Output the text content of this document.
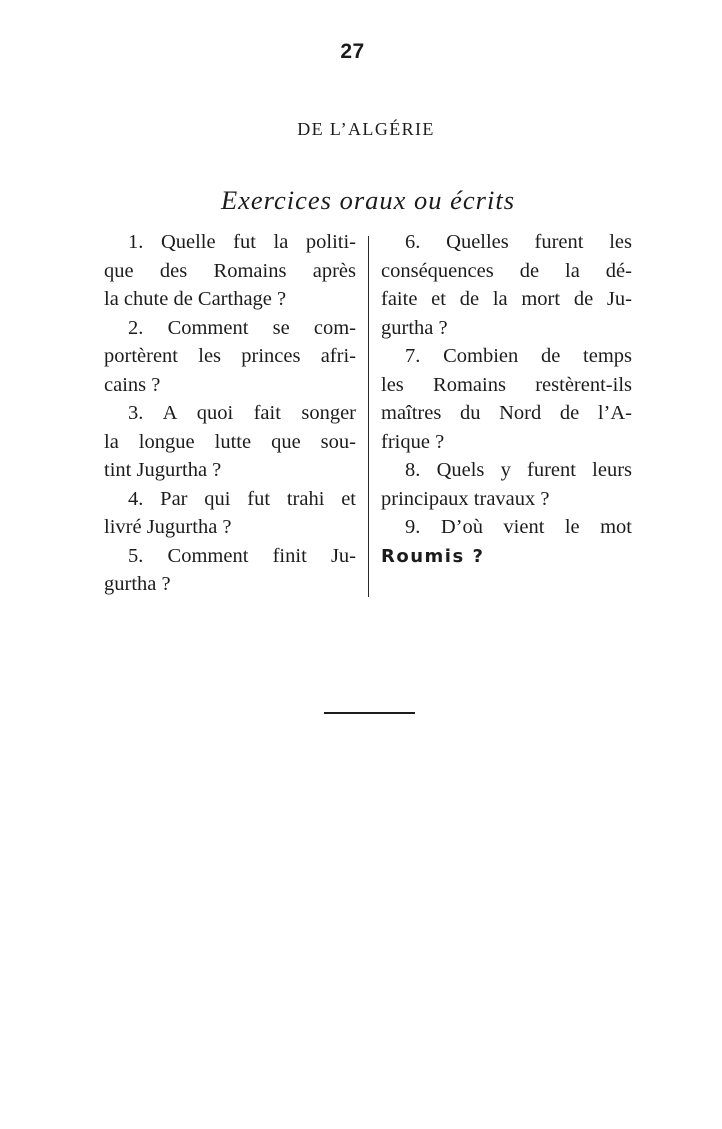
27
DE L’ALGÉRIE
Exercices oraux ou écrits
1. Quelle fut la politi-
que des Romains après
la chute de Carthage ?
2. Comment se com-
portèrent les princes afri-
cains ?
3. A quoi fait songer
la longue lutte que sou-
tint Jugurtha ?
4. Par qui fut trahi et
livré Jugurtha ?
5. Comment finit Ju-
gurtha ?
6. Quelles furent les
conséquences de la dé-
faite et de la mort de Ju-
gurtha ?
7. Combien de temps
les Romains restèrent-ils
maîtres du Nord de l’A-
frique ?
8. Quels y furent leurs
principaux travaux ?
9. D’où vient le mot
Roumis ?
